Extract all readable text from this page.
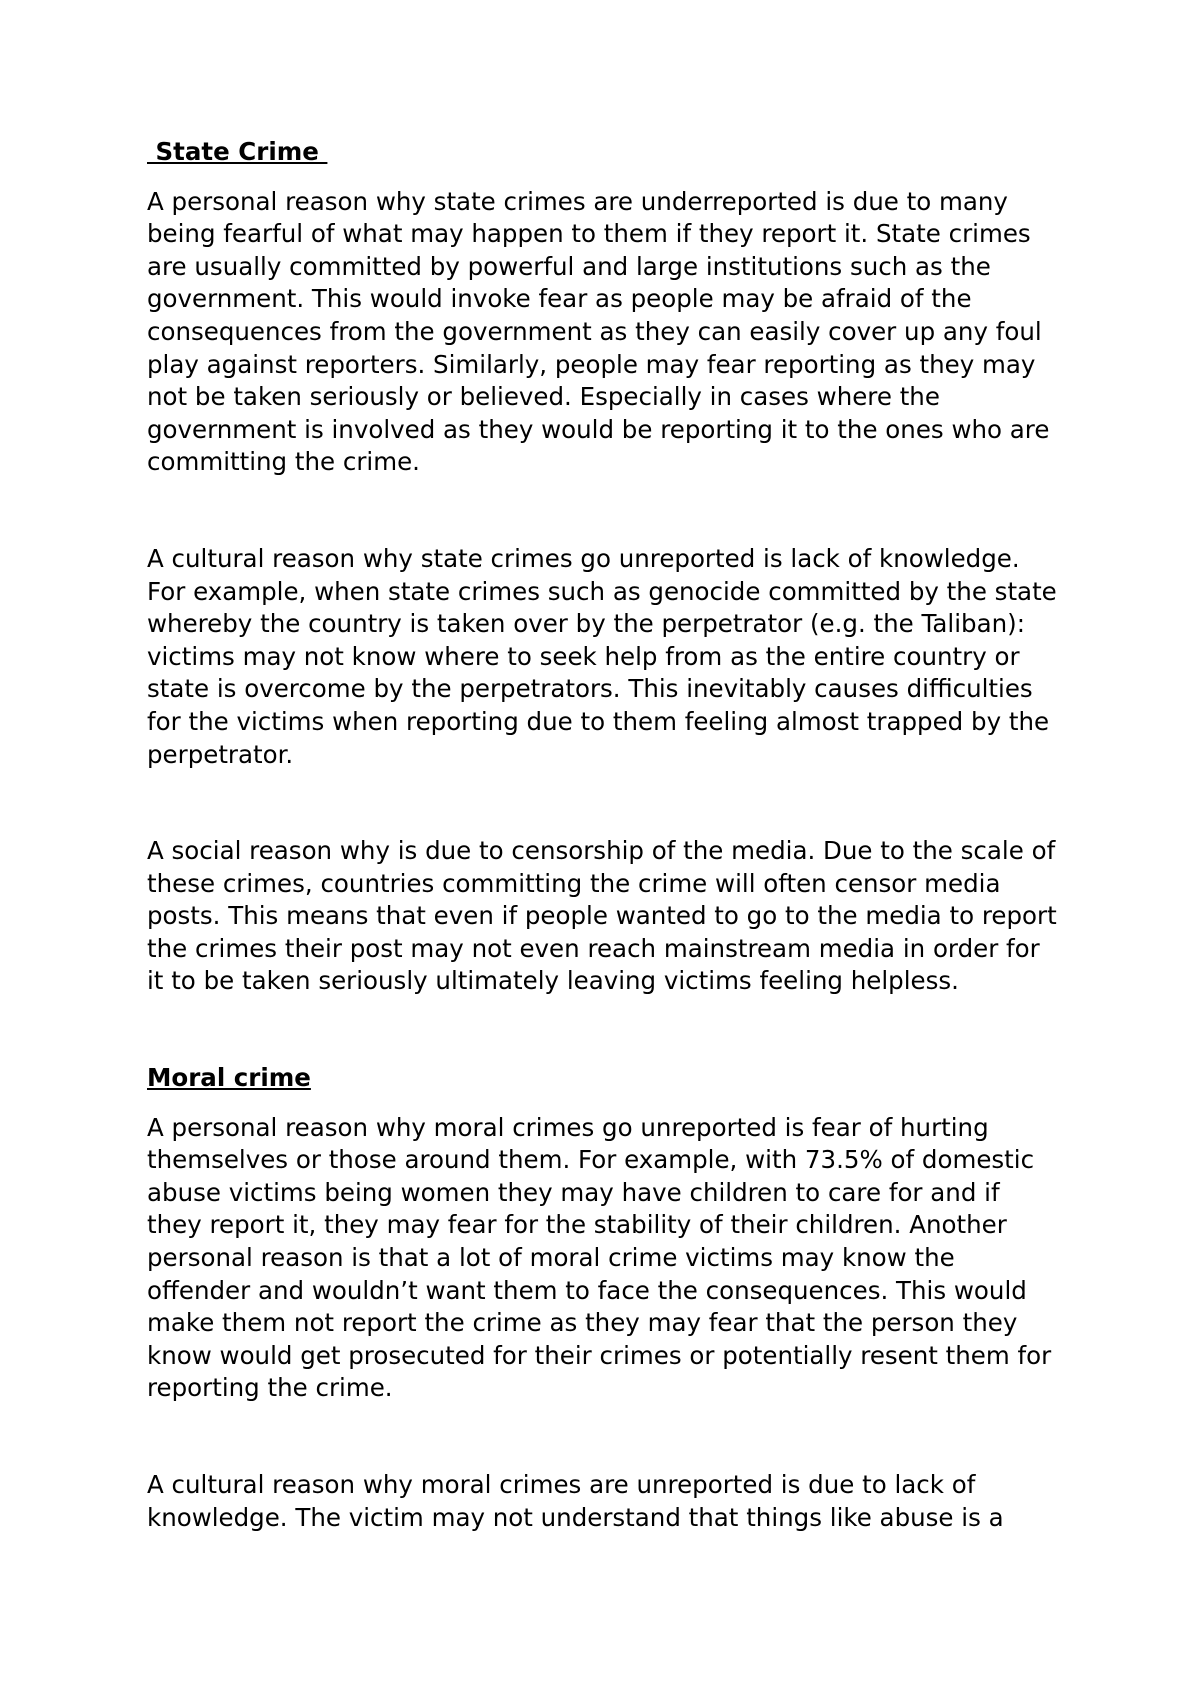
State Crime

A personal reason why state crimes are underreported is due to many being fearful of what may happen to them if they report it. State crimes are usually committed by powerful and large institutions such as the government. This would invoke fear as people may be afraid of the consequences from the government as they can easily cover up any foul play against reporters. Similarly, people may fear reporting as they may not be taken seriously or believed. Especially in cases where the government is involved as they would be reporting it to the ones who are committing the crime.

A cultural reason why state crimes go unreported is lack of knowledge. For example, when state crimes such as genocide committed by the state whereby the country is taken over by the perpetrator (e.g. the Taliban): victims may not know where to seek help from as the entire country or state is overcome by the perpetrators. This inevitably causes difficulties for the victims when reporting due to them feeling almost trapped by the perpetrator.

A social reason why is due to censorship of the media. Due to the scale of these crimes, countries committing the crime will often censor media posts. This means that even if people wanted to go to the media to report the crimes their post may not even reach mainstream media in order for it to be taken seriously ultimately leaving victims feeling helpless.

Moral crime

A personal reason why moral crimes go unreported is fear of hurting themselves or those around them. For example, with 73.5% of domestic abuse victims being women they may have children to care for and if they report it, they may fear for the stability of their children. Another personal reason is that a lot of moral crime victims may know the offender and wouldn’t want them to face the consequences. This would make them not report the crime as they may fear that the person they know would get prosecuted for their crimes or potentially resent them for reporting the crime.

A cultural reason why moral crimes are unreported is due to lack of knowledge. The victim may not understand that things like abuse is a
